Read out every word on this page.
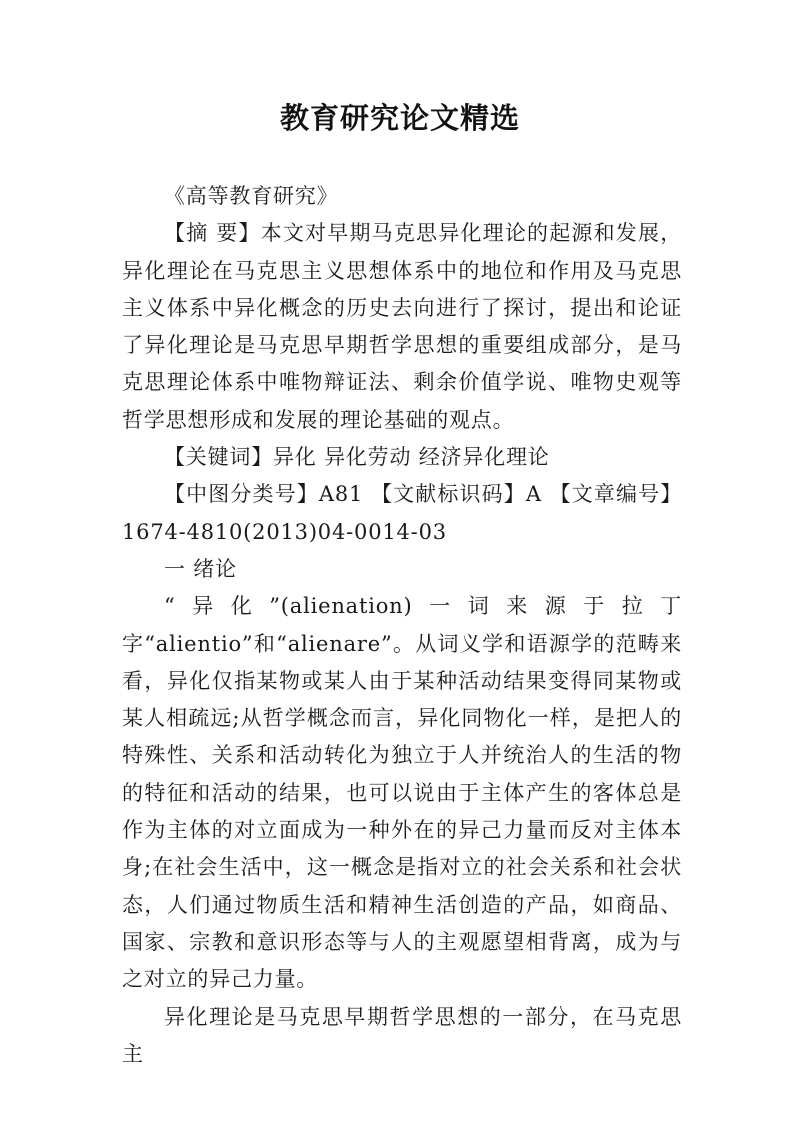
教育研究论文精选

《高等教育研究》

【摘 要】本文对早期马克思异化理论的起源和发展，异化理论在马克思主义思想体系中的地位和作用及马克思主义体系中异化概念的历史去向进行了探讨，提出和论证了异化理论是马克思早期哲学思想的重要组成部分，是马克思理论体系中唯物辩证法、剩余价值学说、唯物史观等哲学思想形成和发展的理论基础的观点。

【关键词】异化 异化劳动 经济异化理论

【中图分类号】A81 【文献标识码】A 【文章编号】1674-4810(2013)04-0014-03

一 绪论

“异化”(alienation)一词来源于拉丁字“alientio”和“alienare”。从词义学和语源学的范畴来看，异化仅指某物或某人由于某种活动结果变得同某物或某人相疏远;从哲学概念而言，异化同物化一样，是把人的特殊性、关系和活动转化为独立于人并统治人的生活的物的特征和活动的结果，也可以说由于主体产生的客体总是作为主体的对立面成为一种外在的异己力量而反对主体本身;在社会生活中，这一概念是指对立的社会关系和社会状态，人们通过物质生活和精神生活创造的产品，如商品、国家、宗教和意识形态等与人的主观愿望相背离，成为与之对立的异己力量。

异化理论是马克思早期哲学思想的一部分，在马克思主
